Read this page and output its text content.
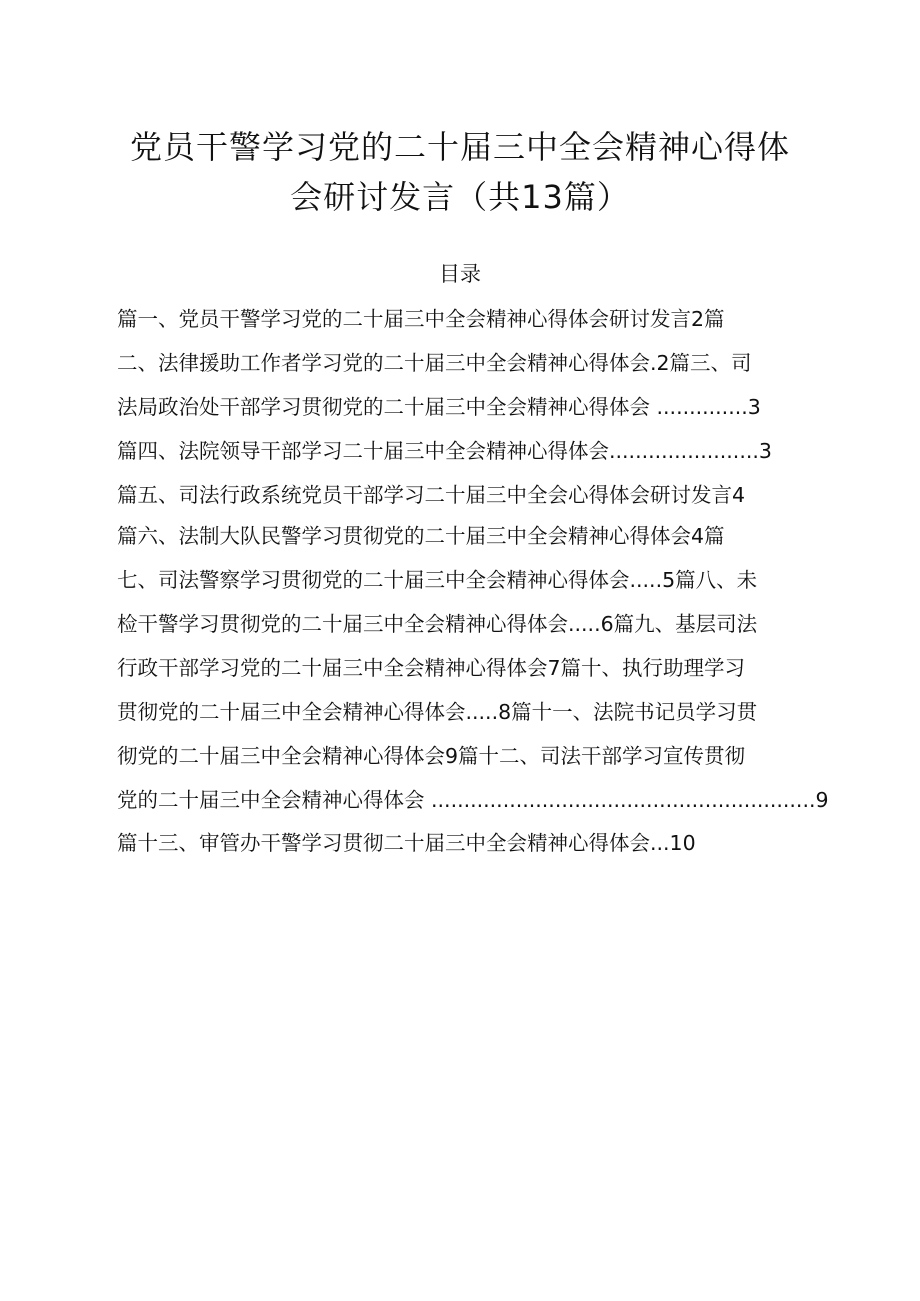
党员干警学习党的二十届三中全会精神心得体
会研讨发言（共13篇）
目录
篇一、党员干警学习党的二十届三中全会精神心得体会研讨发言2篇
二、法律援助工作者学习党的二十届三中全会精神心得体会.2篇三、司
法局政治处干部学习贯彻党的二十届三中全会精神心得体会 ..............3
篇四、法院领导干部学习二十届三中全会精神心得体会.......................3
篇五、司法行政系统党员干部学习二十届三中全会心得体会研讨发言4
篇六、法制大队民警学习贯彻党的二十届三中全会精神心得体会4篇
七、司法警察学习贯彻党的二十届三中全会精神心得体会.....5篇八、未
检干警学习贯彻党的二十届三中全会精神心得体会.....6篇九、基层司法
行政干部学习党的二十届三中全会精神心得体会7篇十、执行助理学习
贯彻党的二十届三中全会精神心得体会.....8篇十一、法院书记员学习贯
彻党的二十届三中全会精神心得体会9篇十二、司法干部学习宣传贯彻
党的二十届三中全会精神心得体会 ...........................................................9
篇十三、审管办干警学习贯彻二十届三中全会精神心得体会...10
